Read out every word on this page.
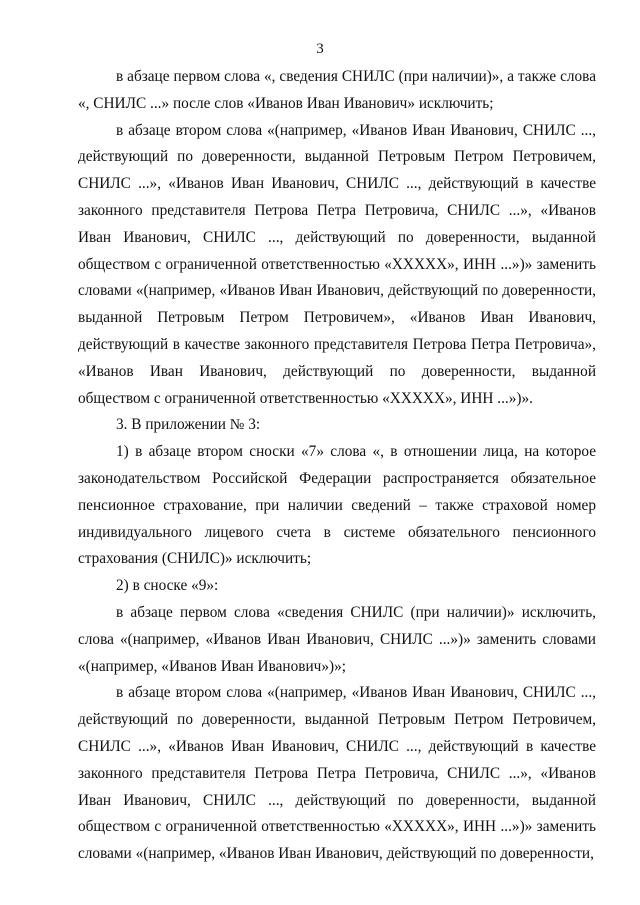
3

в абзаце первом слова «, сведения СНИЛС (при наличии)», а также слова «, СНИЛС ...» после слов «Иванов Иван Иванович» исключить;

в абзаце втором слова «(например, «Иванов Иван Иванович, СНИЛС ..., действующий по доверенности, выданной Петровым Петром Петровичем, СНИЛС ...», «Иванов Иван Иванович, СНИЛС ..., действующий в качестве законного представителя Петрова Петра Петровича, СНИЛС ...», «Иванов Иван Иванович, СНИЛС ..., действующий по доверенности, выданной обществом с ограниченной ответственностью «XXXXX», ИНН ...»)» заменить словами «(например, «Иванов Иван Иванович, действующий по доверенности, выданной Петровым Петром Петровичем», «Иванов Иван Иванович, действующий в качестве законного представителя Петрова Петра Петровича», «Иванов Иван Иванович, действующий по доверенности, выданной обществом с ограниченной ответственностью «XXXXX», ИНН ...»)».

3. В приложении № 3:

1) в абзаце втором сноски «7» слова «, в отношении лица, на которое законодательством Российской Федерации распространяется обязательное пенсионное страхование, при наличии сведений – также страховой номер индивидуального лицевого счета в системе обязательного пенсионного страхования (СНИЛС)» исключить;

2) в сноске «9»:

в абзаце первом слова «сведения СНИЛС (при наличии)» исключить, слова «(например, «Иванов Иван Иванович, СНИЛС ...»)» заменить словами «(например, «Иванов Иван Иванович»)»;

в абзаце втором слова «(например, «Иванов Иван Иванович, СНИЛС ..., действующий по доверенности, выданной Петровым Петром Петровичем, СНИЛС ...», «Иванов Иван Иванович, СНИЛС ..., действующий в качестве законного представителя Петрова Петра Петровича, СНИЛС ...», «Иванов Иван Иванович, СНИЛС ..., действующий по доверенности, выданной обществом с ограниченной ответственностью «XXXXX», ИНН ...»)» заменить словами «(например, «Иванов Иван Иванович, действующий по доверенности,
